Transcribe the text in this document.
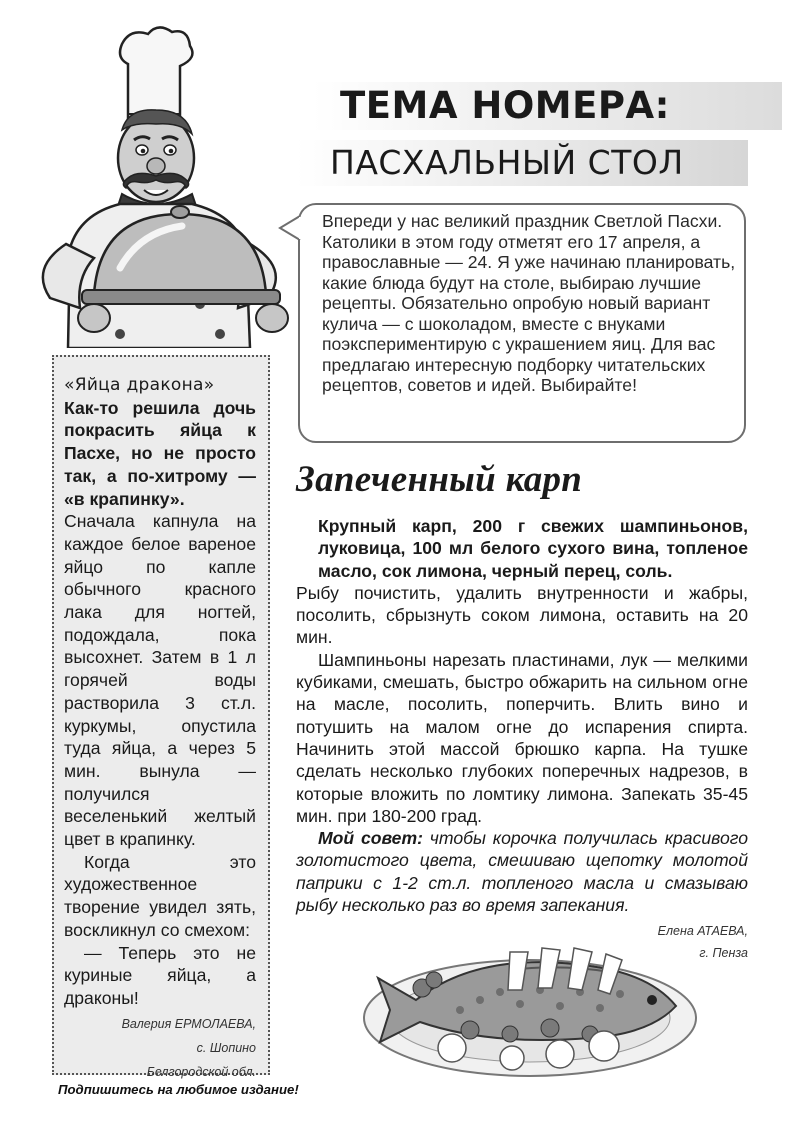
ТЕМА НОМЕРА:
ПАСХАЛЬНЫЙ СТОЛ
Впереди у нас великий праздник Светлой Пасхи. Католики в этом году отметят его 17 апреля, а православные — 24. Я уже начинаю планировать, какие блюда будут на столе, выбираю лучшие рецепты. Обязательно опробую новый вариант кулича — с шоколадом, вместе с внуками поэкспериментирую с украшением яиц. Для вас предлагаю интересную подборку читательских рецептов, советов и идей. Выбирайте!
«Яйца дракона»
Как-то решила дочь покрасить яйца к Пасхе, но не просто так, а по-хитрому — «в крапинку».

Сначала капнула на каждое белое вареное яйцо по капле обычного красного лака для ногтей, подождала, пока высохнет. Затем в 1 л горячей воды растворила 3 ст.л. куркумы, опустила туда яйца, а через 5 мин. вынула — получился веселенький желтый цвет в крапинку.

Когда это художественное творение увидел зять, воскликнул со смехом:

— Теперь это не куриные яйца, а драконы!

Валерия ЕРМОЛАЕВА,
с. Шопино
Белгородской обл.
Запеченный карп

Крупный карп, 200 г свежих шампиньонов, луковица, 100 мл белого сухого вина, топленое масло, сок лимона, черный перец, соль.

Рыбу почистить, удалить внутренности и жабры, посолить, сбрызнуть соком лимона, оставить на 20 мин.

Шампиньоны нарезать пластинами, лук — мелкими кубиками, смешать, быстро обжарить на сильном огне на масле, посолить, поперчить. Влить вино и потушить на малом огне до испарения спирта. Начинить этой массой брюшко карпа. На тушке сделать несколько глубоких поперечных надрезов, в которые вложить по ломтику лимона. Запекать 35-45 мин. при 180-200 град.

Мой совет: чтобы корочка получилась красивого золотистого цвета, смешиваю щепотку молотой паприки с 1-2 ст.л. топленого масла и смазываю рыбу несколько раз во время запекания.

Елена АТАЕВА,
г. Пенза
Подпишитесь на любимое издание!
